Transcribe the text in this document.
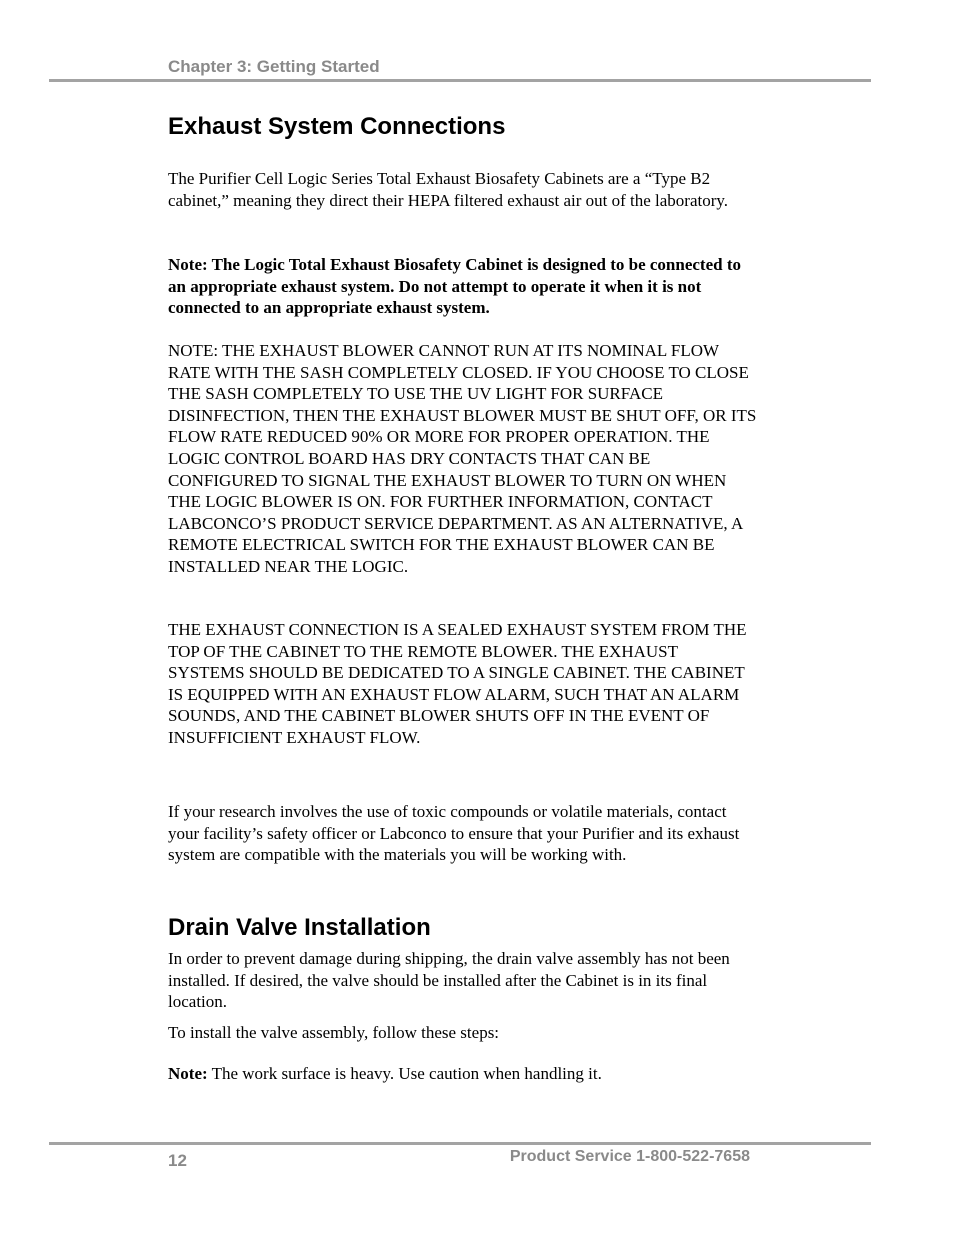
Chapter 3: Getting Started
Exhaust System Connections

The Purifier Cell Logic Series Total Exhaust Biosafety Cabinets are a “Type B2 cabinet,” meaning they direct their HEPA filtered exhaust air out of the laboratory.

Note: The Logic Total Exhaust Biosafety Cabinet is designed to be connected to an appropriate exhaust system. Do not attempt to operate it when it is not connected to an appropriate exhaust system.

NOTE: THE EXHAUST BLOWER CANNOT RUN AT ITS NOMINAL FLOW RATE WITH THE SASH COMPLETELY CLOSED. IF YOU CHOOSE TO CLOSE THE SASH COMPLETELY TO USE THE UV LIGHT FOR SURFACE DISINFECTION, THEN THE EXHAUST BLOWER MUST BE SHUT OFF, OR ITS FLOW RATE REDUCED 90% OR MORE FOR PROPER OPERATION. THE LOGIC CONTROL BOARD HAS DRY CONTACTS THAT CAN BE CONFIGURED TO SIGNAL THE EXHAUST BLOWER TO TURN ON WHEN THE LOGIC BLOWER IS ON. FOR FURTHER INFORMATION, CONTACT LABCONCO’S PRODUCT SERVICE DEPARTMENT. AS AN ALTERNATIVE, A REMOTE ELECTRICAL SWITCH FOR THE EXHAUST BLOWER CAN BE INSTALLED NEAR THE LOGIC.

THE EXHAUST CONNECTION IS A SEALED EXHAUST SYSTEM FROM THE TOP OF THE CABINET TO THE REMOTE BLOWER. THE EXHAUST SYSTEMS SHOULD BE DEDICATED TO A SINGLE CABINET. THE CABINET IS EQUIPPED WITH AN EXHAUST FLOW ALARM, SUCH THAT AN ALARM SOUNDS, AND THE CABINET BLOWER SHUTS OFF IN THE EVENT OF INSUFFICIENT EXHAUST FLOW.

If your research involves the use of toxic compounds or volatile materials, contact your facility’s safety officer or Labconco to ensure that your Purifier and its exhaust system are compatible with the materials you will be working with.

Drain Valve Installation

In order to prevent damage during shipping, the drain valve assembly has not been installed. If desired, the valve should be installed after the Cabinet is in its final location.

To install the valve assembly, follow these steps:

Note: The work surface is heavy. Use caution when handling it.

12	Product Service 1-800-522-7658
